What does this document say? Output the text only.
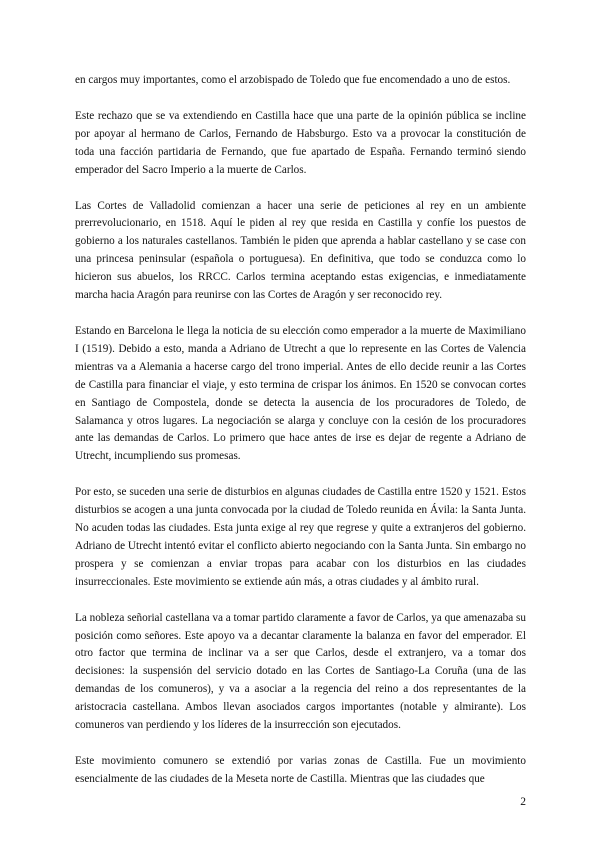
en cargos muy importantes, como el arzobispado de Toledo que fue encomendado a uno de estos.

Este rechazo que se va extendiendo en Castilla hace que una parte de la opinión pública se incline por apoyar al hermano de Carlos, Fernando de Habsburgo. Esto va a provocar la constitución de toda una facción partidaria de Fernando, que fue apartado de España. Fernando terminó siendo emperador del Sacro Imperio a la muerte de Carlos.

Las Cortes de Valladolid comienzan a hacer una serie de peticiones al rey en un ambiente prerrevolucionario, en 1518. Aquí le piden al rey que resida en Castilla y confíe los puestos de gobierno a los naturales castellanos. También le piden que aprenda a hablar castellano y se case con una princesa peninsular (española o portuguesa). En definitiva, que todo se conduzca como lo hicieron sus abuelos, los RRCC. Carlos termina aceptando estas exigencias, e inmediatamente marcha hacia Aragón para reunirse con las Cortes de Aragón y ser reconocido rey.

Estando en Barcelona le llega la noticia de su elección como emperador a la muerte de Maximiliano I (1519). Debido a esto, manda a Adriano de Utrecht a que lo represente en las Cortes de Valencia mientras va a Alemania a hacerse cargo del trono imperial. Antes de ello decide reunir a las Cortes de Castilla para financiar el viaje, y esto termina de crispar los ánimos. En 1520 se convocan cortes en Santiago de Compostela, donde se detecta la ausencia de los procuradores de Toledo, de Salamanca y otros lugares. La negociación se alarga y concluye con la cesión de los procuradores ante las demandas de Carlos. Lo primero que hace antes de irse es dejar de regente a Adriano de Utrecht, incumpliendo sus promesas.

Por esto, se suceden una serie de disturbios en algunas ciudades de Castilla entre 1520 y 1521. Estos disturbios se acogen a una junta convocada por la ciudad de Toledo reunida en Ávila: la Santa Junta. No acuden todas las ciudades. Esta junta exige al rey que regrese y quite a extranjeros del gobierno. Adriano de Utrecht intentó evitar el conflicto abierto negociando con la Santa Junta. Sin embargo no prospera y se comienzan a enviar tropas para acabar con los disturbios en las ciudades insurreccionales. Este movimiento se extiende aún más, a otras ciudades y al ámbito rural.

La nobleza señorial castellana va a tomar partido claramente a favor de Carlos, ya que amenazaba su posición como señores. Este apoyo va a decantar claramente la balanza en favor del emperador. El otro factor que termina de inclinar va a ser que Carlos, desde el extranjero, va a tomar dos decisiones: la suspensión del servicio dotado en las Cortes de Santiago-La Coruña (una de las demandas de los comuneros), y va a asociar a la regencia del reino a dos representantes de la aristocracia castellana. Ambos llevan asociados cargos importantes (notable y almirante). Los comuneros van perdiendo y los líderes de la insurrección son ejecutados.

Este movimiento comunero se extendió por varias zonas de Castilla. Fue un movimiento esencialmente de las ciudades de la Meseta norte de Castilla. Mientras que las ciudades que

2
